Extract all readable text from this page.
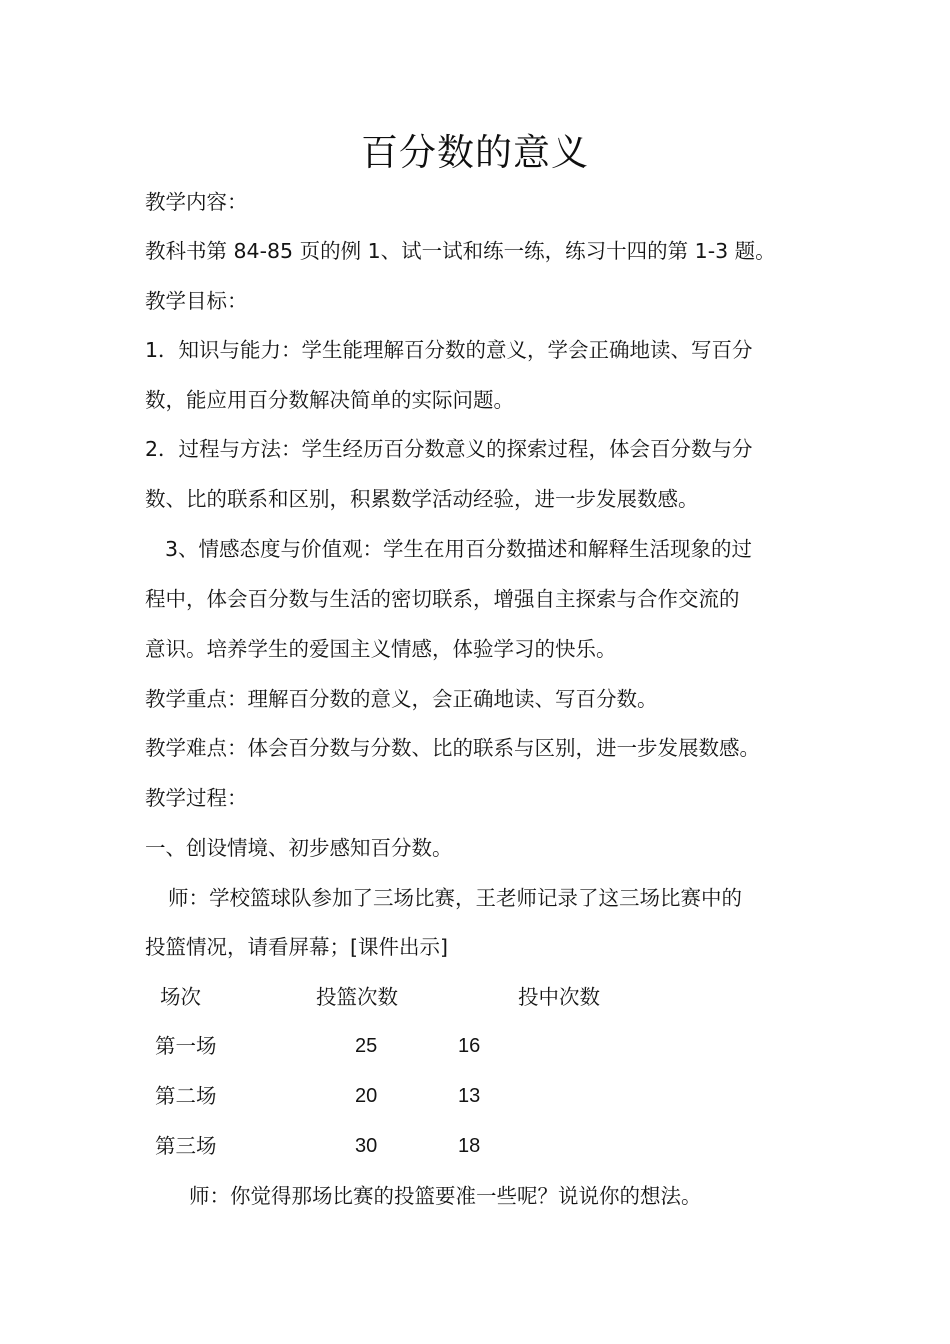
百分数的意义
教学内容：
教科书第 84-85 页的例 1、试一试和练一练，练习十四的第 1-3 题。
教学目标：
1．知识与能力：学生能理解百分数的意义，学会正确地读、写百分
数，能应用百分数解决简单的实际问题。
2．过程与方法：学生经历百分数意义的探索过程，体会百分数与分
数、比的联系和区别，积累数学活动经验，进一步发展数感。
3、情感态度与价值观：学生在用百分数描述和解释生活现象的过
程中，体会百分数与生活的密切联系，增强自主探索与合作交流的
意识。培养学生的爱国主义情感，体验学习的快乐。
教学重点：理解百分数的意义，会正确地读、写百分数。
教学难点：体会百分数与分数、比的联系与区别，进一步发展数感。
教学过程：
一、创设情境、初步感知百分数。
师：学校篮球队参加了三场比赛，王老师记录了这三场比赛中的
投篮情况，请看屏幕；[课件出示]
场次	投篮次数	投中次数
第一场	25	16
第二场	20	13
第三场	30	18
师：你觉得那场比赛的投篮要准一些呢？说说你的想法。
